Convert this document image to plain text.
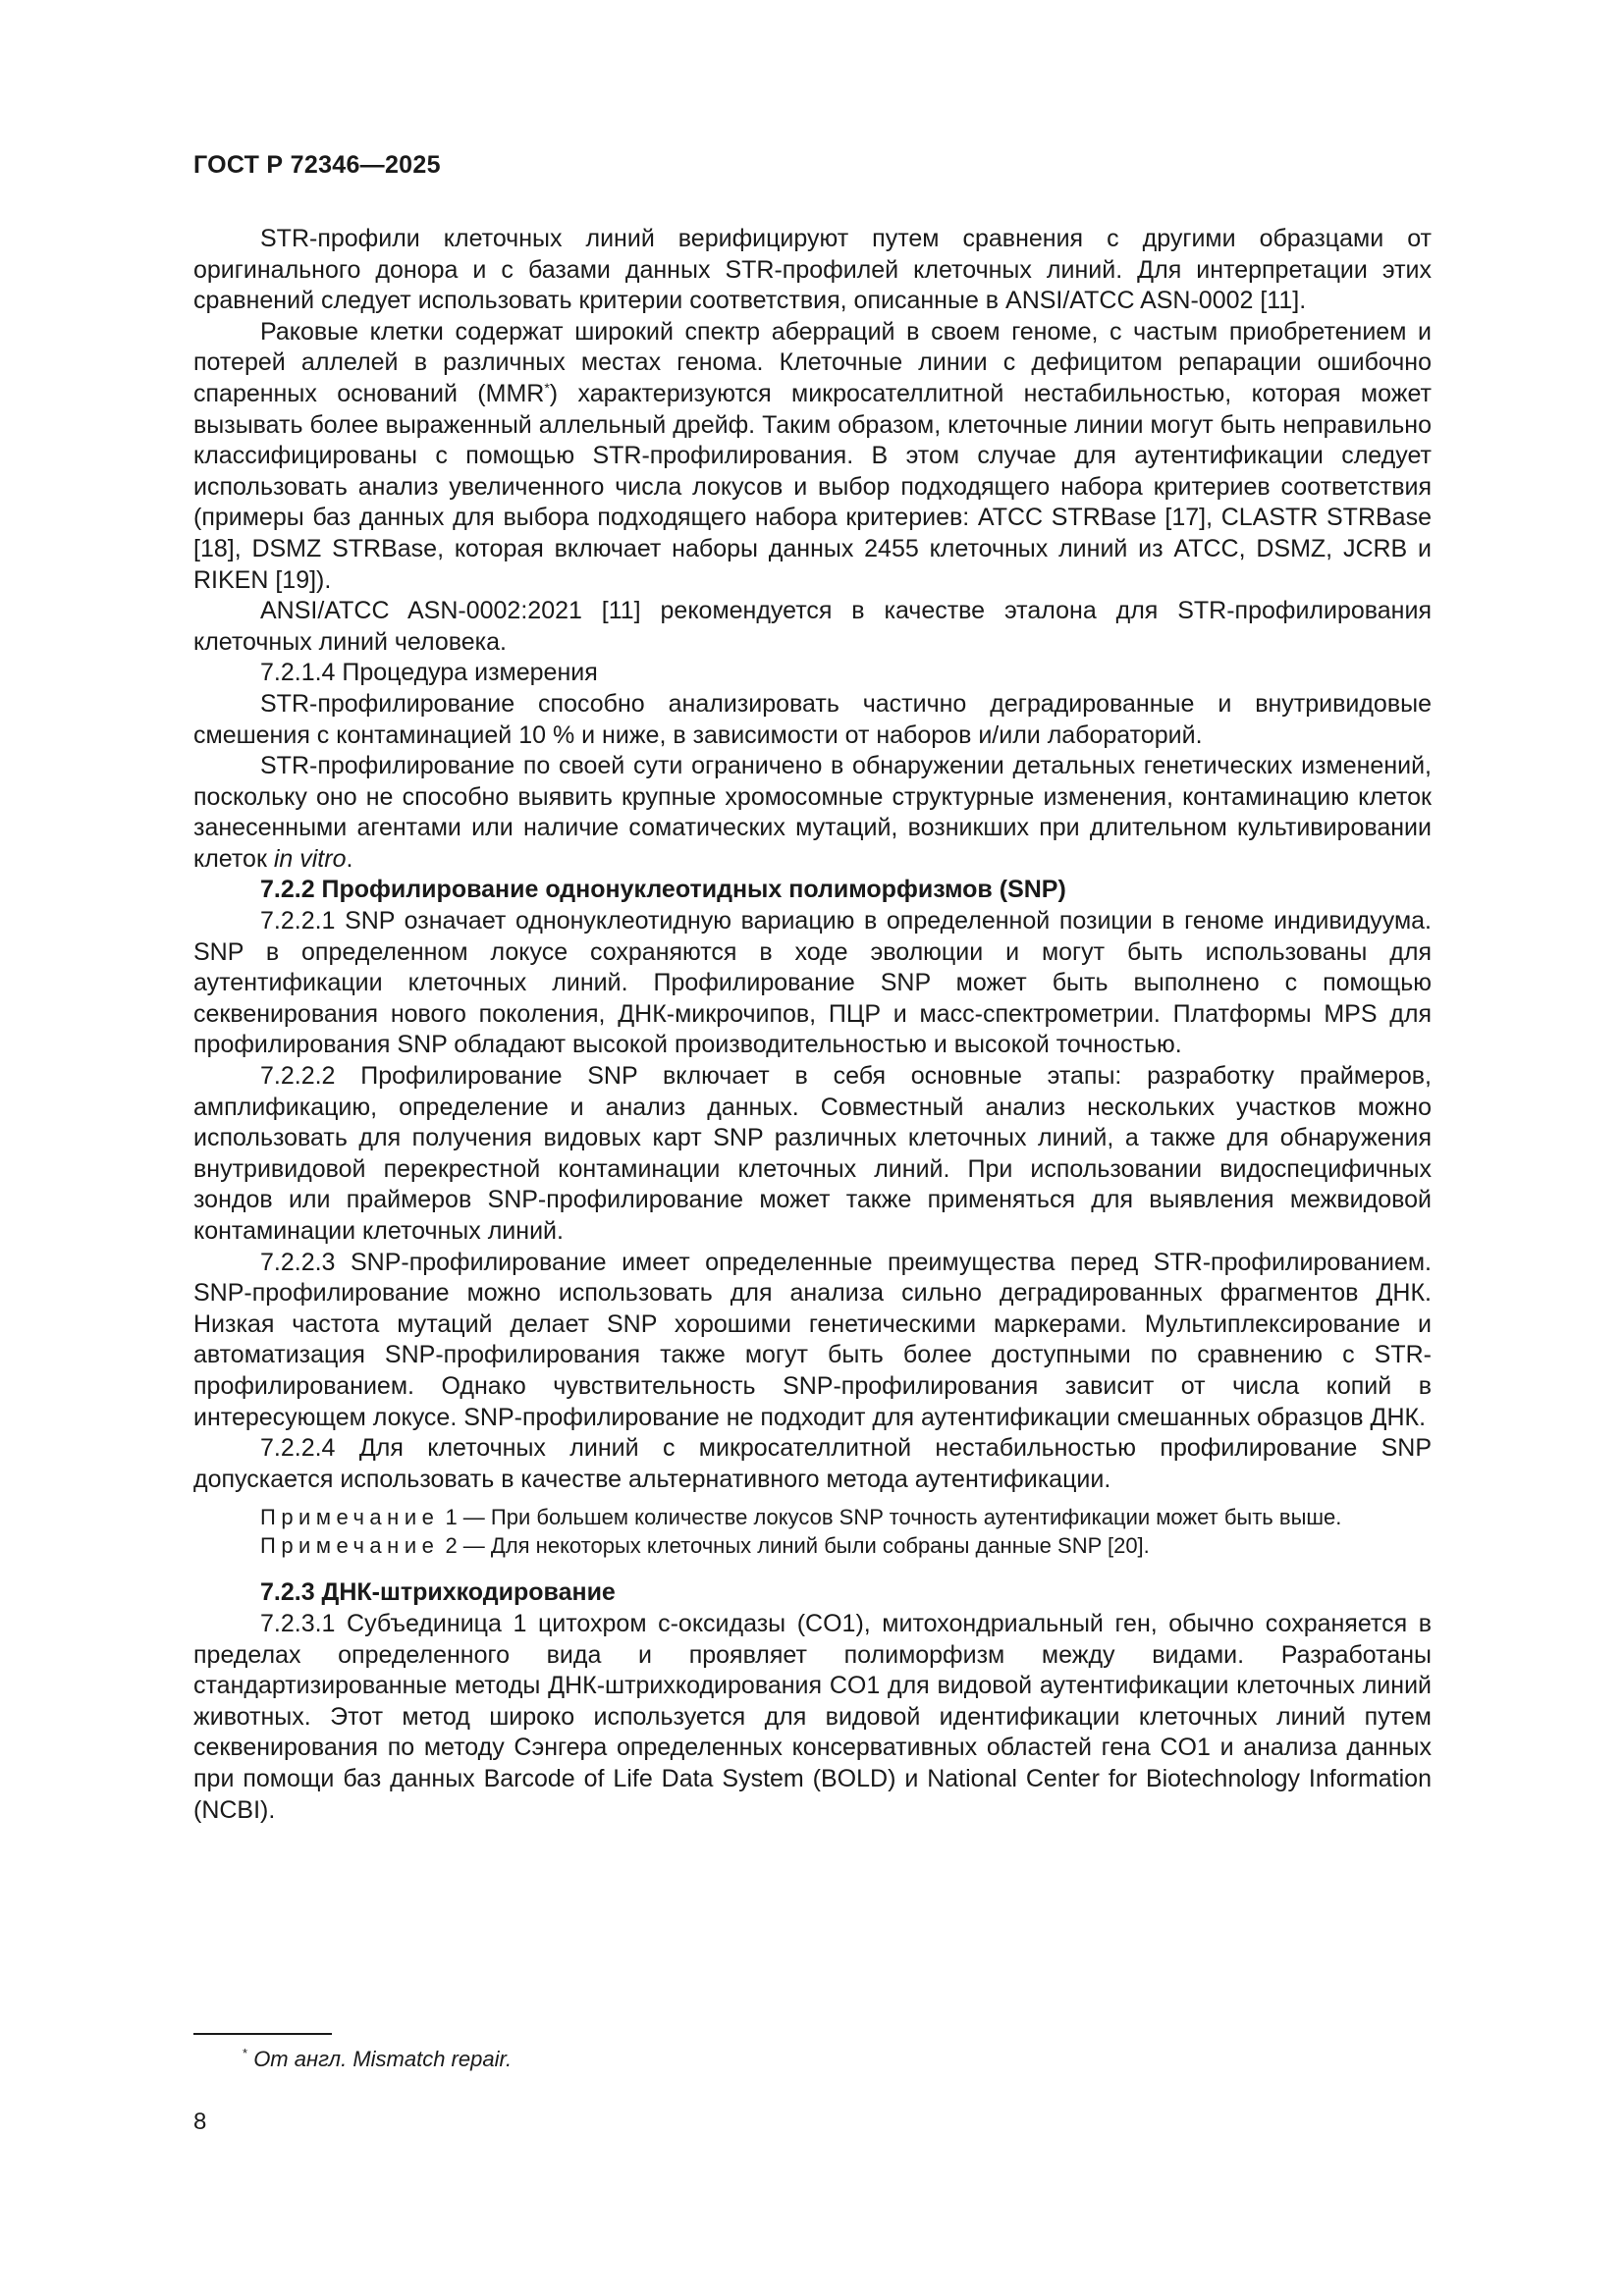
ГОСТ Р 72346—2025

STR-профили клеточных линий верифицируют путем сравнения с другими образцами от оригинального донора и с базами данных STR-профилей клеточных линий. Для интерпретации этих сравнений следует использовать критерии соответствия, описанные в ANSI/ATCC ASN-0002 [11].

Раковые клетки содержат широкий спектр аберраций в своем геноме, с частым приобретением и потерей аллелей в различных местах генома. Клеточные линии с дефицитом репарации ошибочно спаренных оснований (MMR*) характеризуются микросателлитной нестабильностью, которая может вызывать более выраженный аллельный дрейф. Таким образом, клеточные линии могут быть неправильно классифицированы с помощью STR-профилирования. В этом случае для аутентификации следует использовать анализ увеличенного числа локусов и выбор подходящего набора критериев соответствия (примеры баз данных для выбора подходящего набора критериев: ATCC STRBase [17], CLASTR STRBase [18], DSMZ STRBase, которая включает наборы данных 2455 клеточных линий из ATCC, DSMZ, JCRB и RIKEN [19]).

ANSI/ATCC ASN-0002:2021 [11] рекомендуется в качестве эталона для STR-профилирования клеточных линий человека.

7.2.1.4 Процедура измерения

STR-профилирование способно анализировать частично деградированные и внутривидовые смешения с контаминацией 10 % и ниже, в зависимости от наборов и/или лабораторий.

STR-профилирование по своей сути ограничено в обнаружении детальных генетических изменений, поскольку оно не способно выявить крупные хромосомные структурные изменения, контаминацию клеток занесенными агентами или наличие соматических мутаций, возникших при длительном культивировании клеток in vitro.

7.2.2 Профилирование однонуклеотидных полиморфизмов (SNP)

7.2.2.1 SNP означает однонуклеотидную вариацию в определенной позиции в геноме индивидуума. SNP в определенном локусе сохраняются в ходе эволюции и могут быть использованы для аутентификации клеточных линий. Профилирование SNP может быть выполнено с помощью секвенирования нового поколения, ДНК-микрочипов, ПЦР и масс-спектрометрии. Платформы MPS для профилирования SNP обладают высокой производительностью и высокой точностью.

7.2.2.2 Профилирование SNP включает в себя основные этапы: разработку праймеров, амплификацию, определение и анализ данных. Совместный анализ нескольких участков можно использовать для получения видовых карт SNP различных клеточных линий, а также для обнаружения внутривидовой перекрестной контаминации клеточных линий. При использовании видоспецифичных зондов или праймеров SNP-профилирование может также применяться для выявления межвидовой контаминации клеточных линий.

7.2.2.3 SNP-профилирование имеет определенные преимущества перед STR-профилированием. SNP-профилирование можно использовать для анализа сильно деградированных фрагментов ДНК. Низкая частота мутаций делает SNP хорошими генетическими маркерами. Мультиплексирование и автоматизация SNP-профилирования также могут быть более доступными по сравнению с STR-профилированием. Однако чувствительность SNP-профилирования зависит от числа копий в интересующем локусе. SNP-профилирование не подходит для аутентификации смешанных образцов ДНК.

7.2.2.4 Для клеточных линий с микросателлитной нестабильностью профилирование SNP допускается использовать в качестве альтернативного метода аутентификации.

Примечание 1 — При большем количестве локусов SNP точность аутентификации может быть выше.
Примечание 2 — Для некоторых клеточных линий были собраны данные SNP [20].
7.2.3 ДНК-штрихкодирование

7.2.3.1 Субъединица 1 цитохром с-оксидазы (CO1), митохондриальный ген, обычно сохраняется в пределах определенного вида и проявляет полиморфизм между видами. Разработаны стандартизированные методы ДНК-штрихкодирования CO1 для видовой аутентификации клеточных линий животных. Этот метод широко используется для видовой идентификации клеточных линий путем секвенирования по методу Сэнгера определенных консервативных областей гена CO1 и анализа данных при помощи баз данных Barcode of Life Data System (BOLD) и National Center for Biotechnology Information (NCBI).

* От англ. Mismatch repair.
8
